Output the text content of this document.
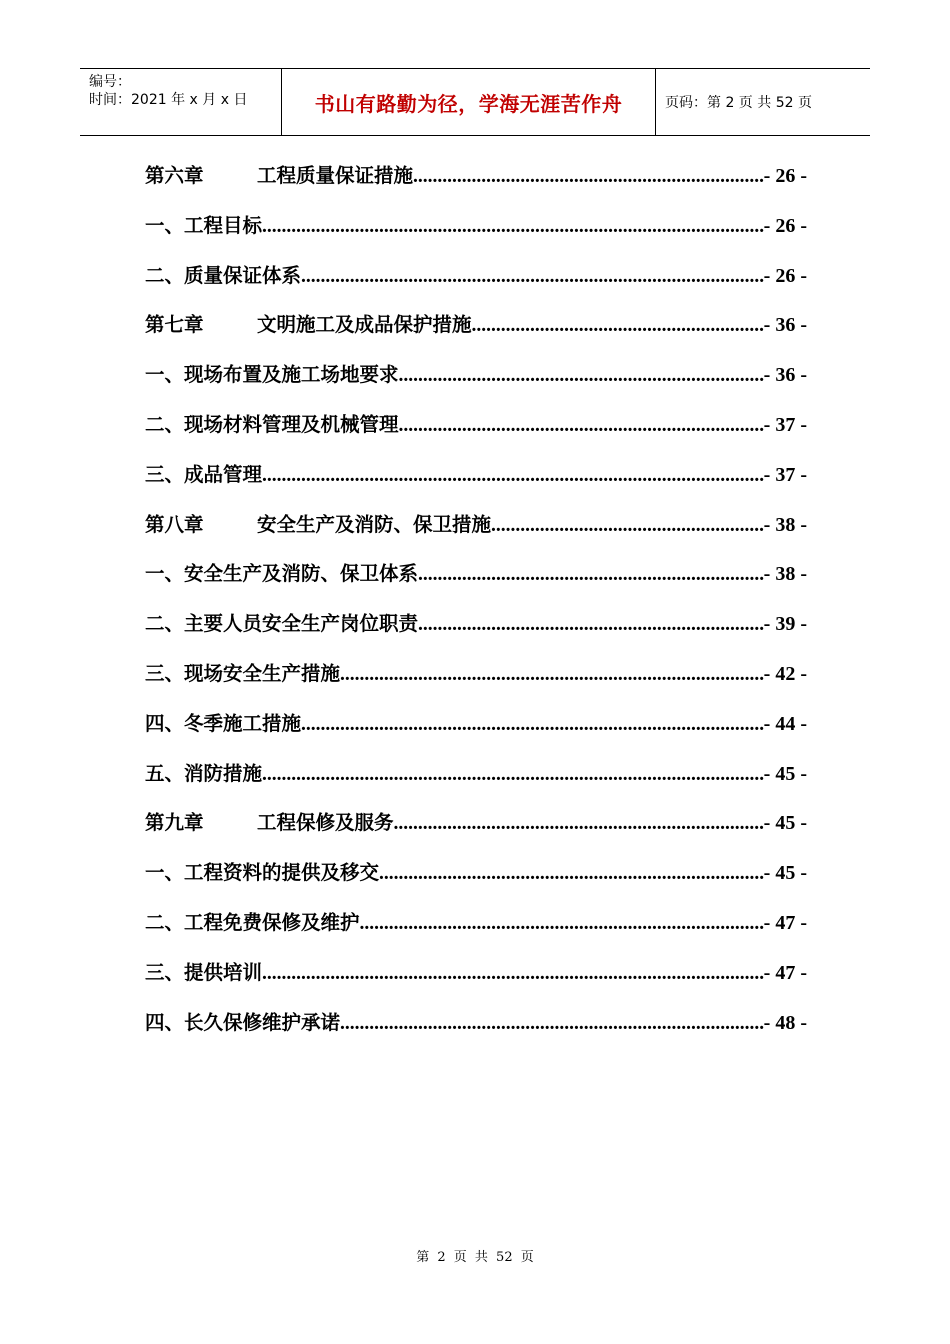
编号：
时间：2021 年 x 月 x 日	书山有路勤为径，学海无涯苦作舟	页码：第 2 页 共 52 页
第六章	工程质量保证措施 .....	- 26 -
一、工程目标 .....	- 26 -
二、质量保证体系 .....	- 26 -
第七章	文明施工及成品保护措施 .....	- 36 -
一、现场布置及施工场地要求 .....	- 36 -
二、现场材料管理及机械管理 .....	- 37 -
三、成品管理 .....	- 37 -
第八章	安全生产及消防、保卫措施 .....	- 38 -
一、安全生产及消防、保卫体系 .....	- 38 -
二、主要人员安全生产岗位职责 .....	- 39 -
三、现场安全生产措施 .....	- 42 -
四、冬季施工措施 .....	- 44 -
五、消防措施 .....	- 45 -
第九章	工程保修及服务 .....	- 45 -
一、工程资料的提供及移交 .....	- 45 -
二、工程免费保修及维护 .....	- 47 -
三、提供培训 .....	- 47 -
四、长久保修维护承诺 .....	- 48 -
第 2 页 共 52 页
